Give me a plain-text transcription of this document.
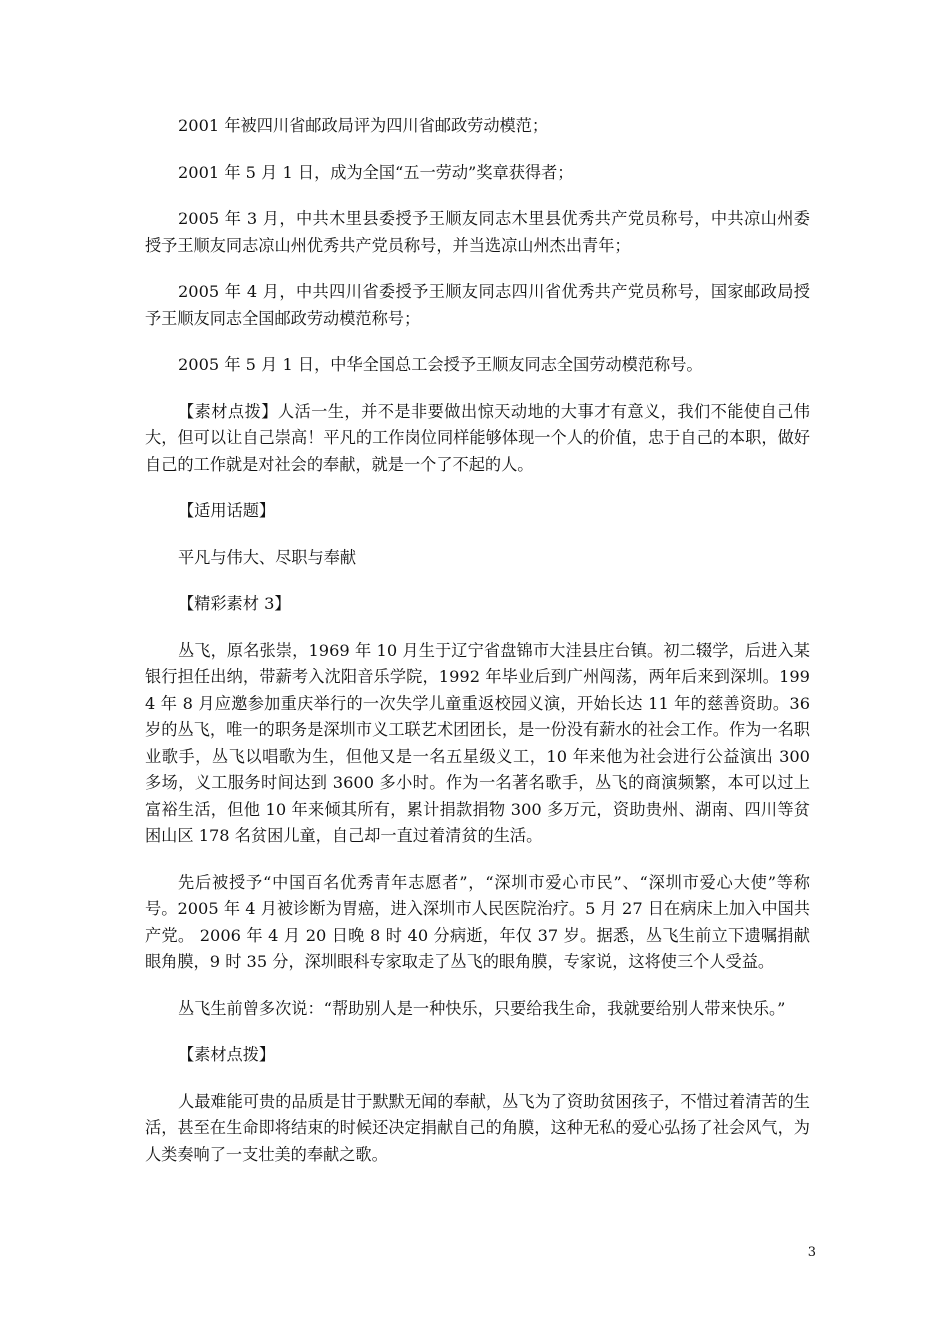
2001 年被四川省邮政局评为四川省邮政劳动模范；

2001 年 5 月 1 日，成为全国“五一劳动”奖章获得者；

2005 年 3 月，中共木里县委授予王顺友同志木里县优秀共产党员称号，中共凉山州委授予王顺友同志凉山州优秀共产党员称号，并当选凉山州杰出青年；

2005 年 4 月，中共四川省委授予王顺友同志四川省优秀共产党员称号，国家邮政局授予王顺友同志全国邮政劳动模范称号；

2005 年 5 月 1 日，中华全国总工会授予王顺友同志全国劳动模范称号。

【素材点拨】人活一生，并不是非要做出惊天动地的大事才有意义，我们不能使自己伟大，但可以让自己崇高！平凡的工作岗位同样能够体现一个人的价值，忠于自己的本职，做好自己的工作就是对社会的奉献，就是一个了不起的人。

【适用话题】

平凡与伟大、尽职与奉献

【精彩素材 3】

丛飞，原名张崇，1969 年 10 月生于辽宁省盘锦市大洼县庄台镇。初二辍学，后进入某银行担任出纳，带薪考入沈阳音乐学院，1992 年毕业后到广州闯荡，两年后来到深圳。1994 年 8 月应邀参加重庆举行的一次失学儿童重返校园义演，开始长达 11 年的慈善资助。36 岁的丛飞，唯一的职务是深圳市义工联艺术团团长，是一份没有薪水的社会工作。作为一名职业歌手，丛飞以唱歌为生，但他又是一名五星级义工，10 年来他为社会进行公益演出 300 多场，义工服务时间达到 3600 多小时。作为一名著名歌手，丛飞的商演频繁，本可以过上富裕生活，但他 10 年来倾其所有，累计捐款捐物 300 多万元，资助贵州、湖南、四川等贫困山区 178 名贫困儿童，自己却一直过着清贫的生活。

先后被授予“中国百名优秀青年志愿者”，“深圳市爱心市民”、“深圳市爱心大使”等称号。2005 年 4 月被诊断为胃癌，进入深圳市人民医院治疗。5 月 27 日在病床上加入中国共产党。 2006 年 4 月 20 日晚 8 时 40 分病逝，年仅 37 岁。据悉，丛飞生前立下遗嘱捐献眼角膜，9 时 35 分，深圳眼科专家取走了丛飞的眼角膜，专家说，这将使三个人受益。

丛飞生前曾多次说：“帮助别人是一种快乐，只要给我生命，我就要给别人带来快乐。”

【素材点拨】

人最难能可贵的品质是甘于默默无闻的奉献，丛飞为了资助贫困孩子，不惜过着清苦的生活，甚至在生命即将结束的时候还决定捐献自己的角膜，这种无私的爱心弘扬了社会风气，为人类奏响了一支壮美的奉献之歌。

3
